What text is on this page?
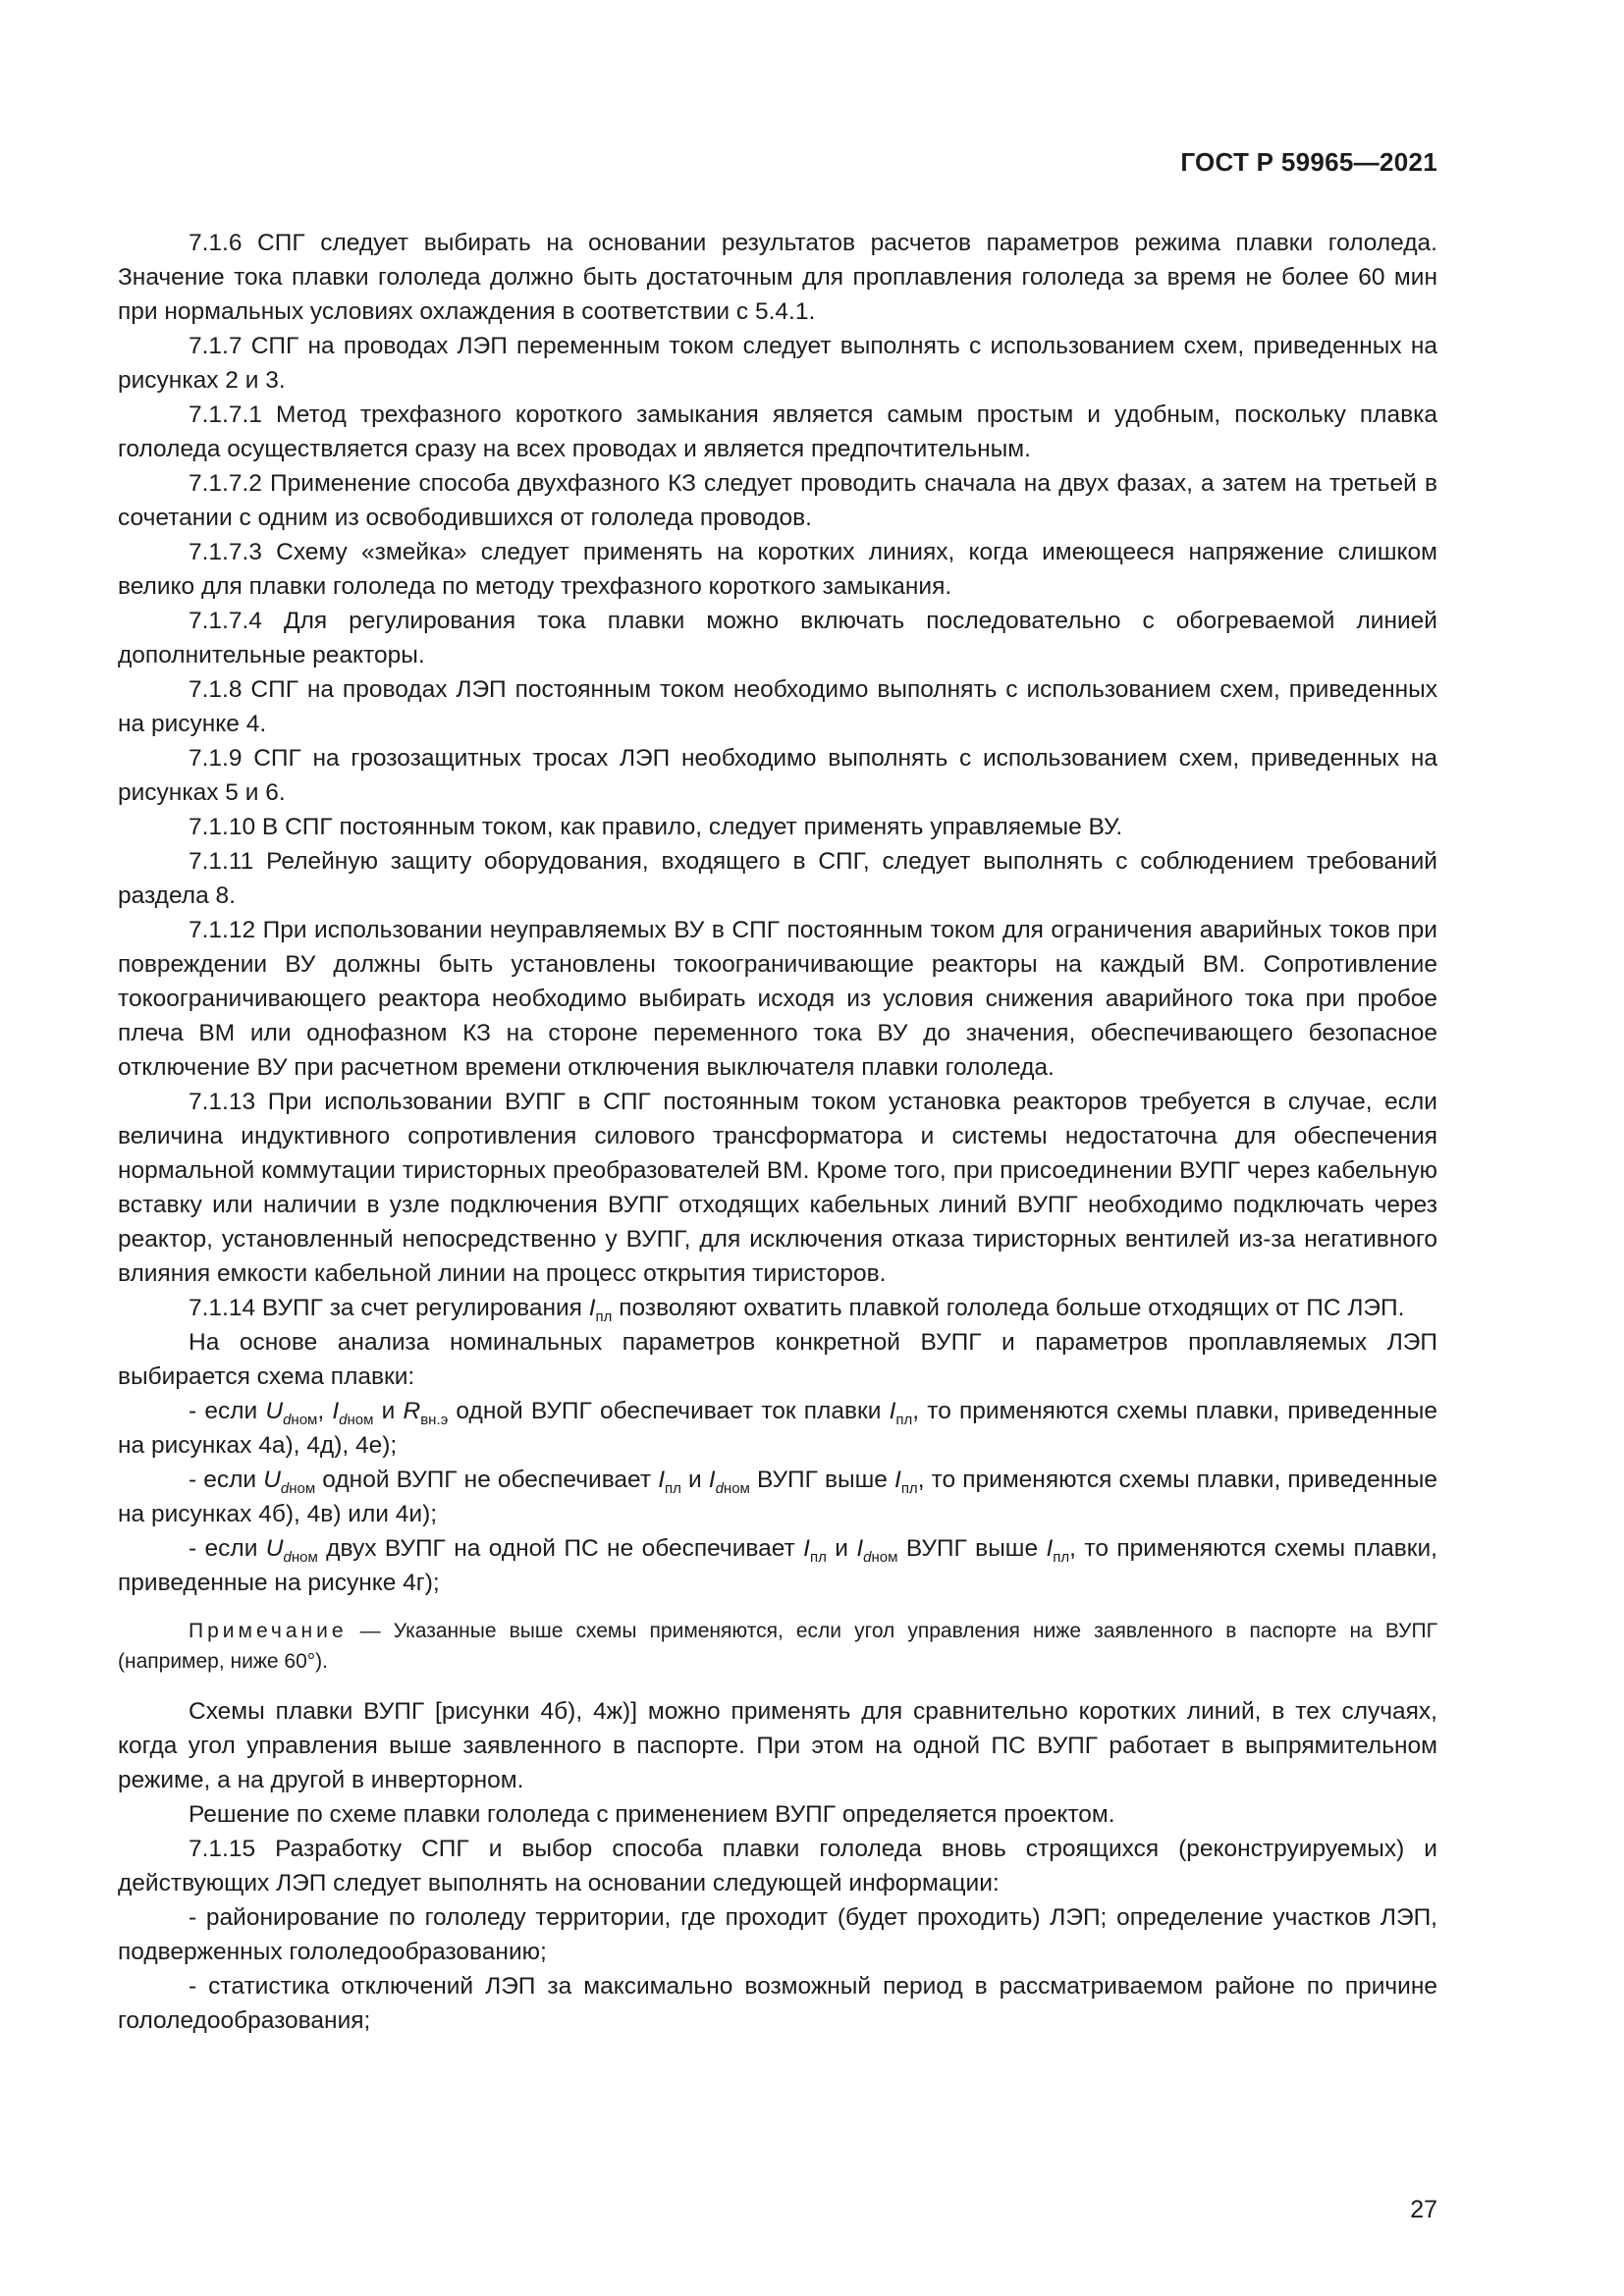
ГОСТ Р 59965—2021

7.1.6 СПГ следует выбирать на основании результатов расчетов параметров режима плавки гололеда. Значение тока плавки гололеда должно быть достаточным для проплавления гололеда за время не более 60 мин при нормальных условиях охлаждения в соответствии с 5.4.1.

7.1.7 СПГ на проводах ЛЭП переменным током следует выполнять с использованием схем, приведенных на рисунках 2 и 3.

7.1.7.1 Метод трехфазного короткого замыкания является самым простым и удобным, поскольку плавка гололеда осуществляется сразу на всех проводах и является предпочтительным.

7.1.7.2 Применение способа двухфазного КЗ следует проводить сначала на двух фазах, а затем на третьей в сочетании с одним из освободившихся от гололеда проводов.

7.1.7.3 Схему «змейка» следует применять на коротких линиях, когда имеющееся напряжение слишком велико для плавки гололеда по методу трехфазного короткого замыкания.

7.1.7.4 Для регулирования тока плавки можно включать последовательно с обогреваемой линией дополнительные реакторы.

7.1.8 СПГ на проводах ЛЭП постоянным током необходимо выполнять с использованием схем, приведенных на рисунке 4.

7.1.9 СПГ на грозозащитных тросах ЛЭП необходимо выполнять с использованием схем, приведенных на рисунках 5 и 6.

7.1.10 В СПГ постоянным током, как правило, следует применять управляемые ВУ.

7.1.11 Релейную защиту оборудования, входящего в СПГ, следует выполнять с соблюдением требований раздела 8.

7.1.12 При использовании неуправляемых ВУ в СПГ постоянным током для ограничения аварийных токов при повреждении ВУ должны быть установлены токоограничивающие реакторы на каждый ВМ. Сопротивление токоограничивающего реактора необходимо выбирать исходя из условия снижения аварийного тока при пробое плеча ВМ или однофазном КЗ на стороне переменного тока ВУ до значения, обеспечивающего безопасное отключение ВУ при расчетном времени отключения выключателя плавки гололеда.

7.1.13 При использовании ВУПГ в СПГ постоянным током установка реакторов требуется в случае, если величина индуктивного сопротивления силового трансформатора и системы недостаточна для обеспечения нормальной коммутации тиристорных преобразователей ВМ. Кроме того, при присоединении ВУПГ через кабельную вставку или наличии в узле подключения ВУПГ отходящих кабельных линий ВУПГ необходимо подключать через реактор, установленный непосредственно у ВУПГ, для исключения отказа тиристорных вентилей из-за негативного влияния емкости кабельной линии на процесс открытия тиристоров.

7.1.14 ВУПГ за счет регулирования $I_{пл}$ позволяют охватить плавкой гололеда больше отходящих от ПС ЛЭП.

На основе анализа номинальных параметров конкретной ВУПГ и параметров проплавляемых ЛЭП выбирается схема плавки:

- если $U_{dном}$, $I_{dном}$ и $R_{вн.э}$ одной ВУПГ обеспечивает ток плавки $I_{пл}$, то применяются схемы плавки, приведенные на рисунках 4а), 4д), 4е);

- если $U_{dном}$ одной ВУПГ не обеспечивает $I_{пл}$ и $I_{dном}$ ВУПГ выше $I_{пл}$, то применяются схемы плавки, приведенные на рисунках 4б), 4в) или 4и);

- если $U_{dном}$ двух ВУПГ на одной ПС не обеспечивает $I_{пл}$ и $I_{dном}$ ВУПГ выше $I_{пл}$, то применяются схемы плавки, приведенные на рисунке 4г);

Примечание — Указанные выше схемы применяются, если угол управления ниже заявленного в паспорте на ВУПГ (например, ниже 60°).

Схемы плавки ВУПГ [рисунки 4б), 4ж)] можно применять для сравнительно коротких линий, в тех случаях, когда угол управления выше заявленного в паспорте. При этом на одной ПС ВУПГ работает в выпрямительном режиме, а на другой в инверторном.

Решение по схеме плавки гололеда с применением ВУПГ определяется проектом.

7.1.15 Разработку СПГ и выбор способа плавки гололеда вновь строящихся (реконструируемых) и действующих ЛЭП следует выполнять на основании следующей информации:

- районирование по гололеду территории, где проходит (будет проходить) ЛЭП; определение участков ЛЭП, подверженных гололедообразованию;

- статистика отключений ЛЭП за максимально возможный период в рассматриваемом районе по причине гололедообразования;

27
